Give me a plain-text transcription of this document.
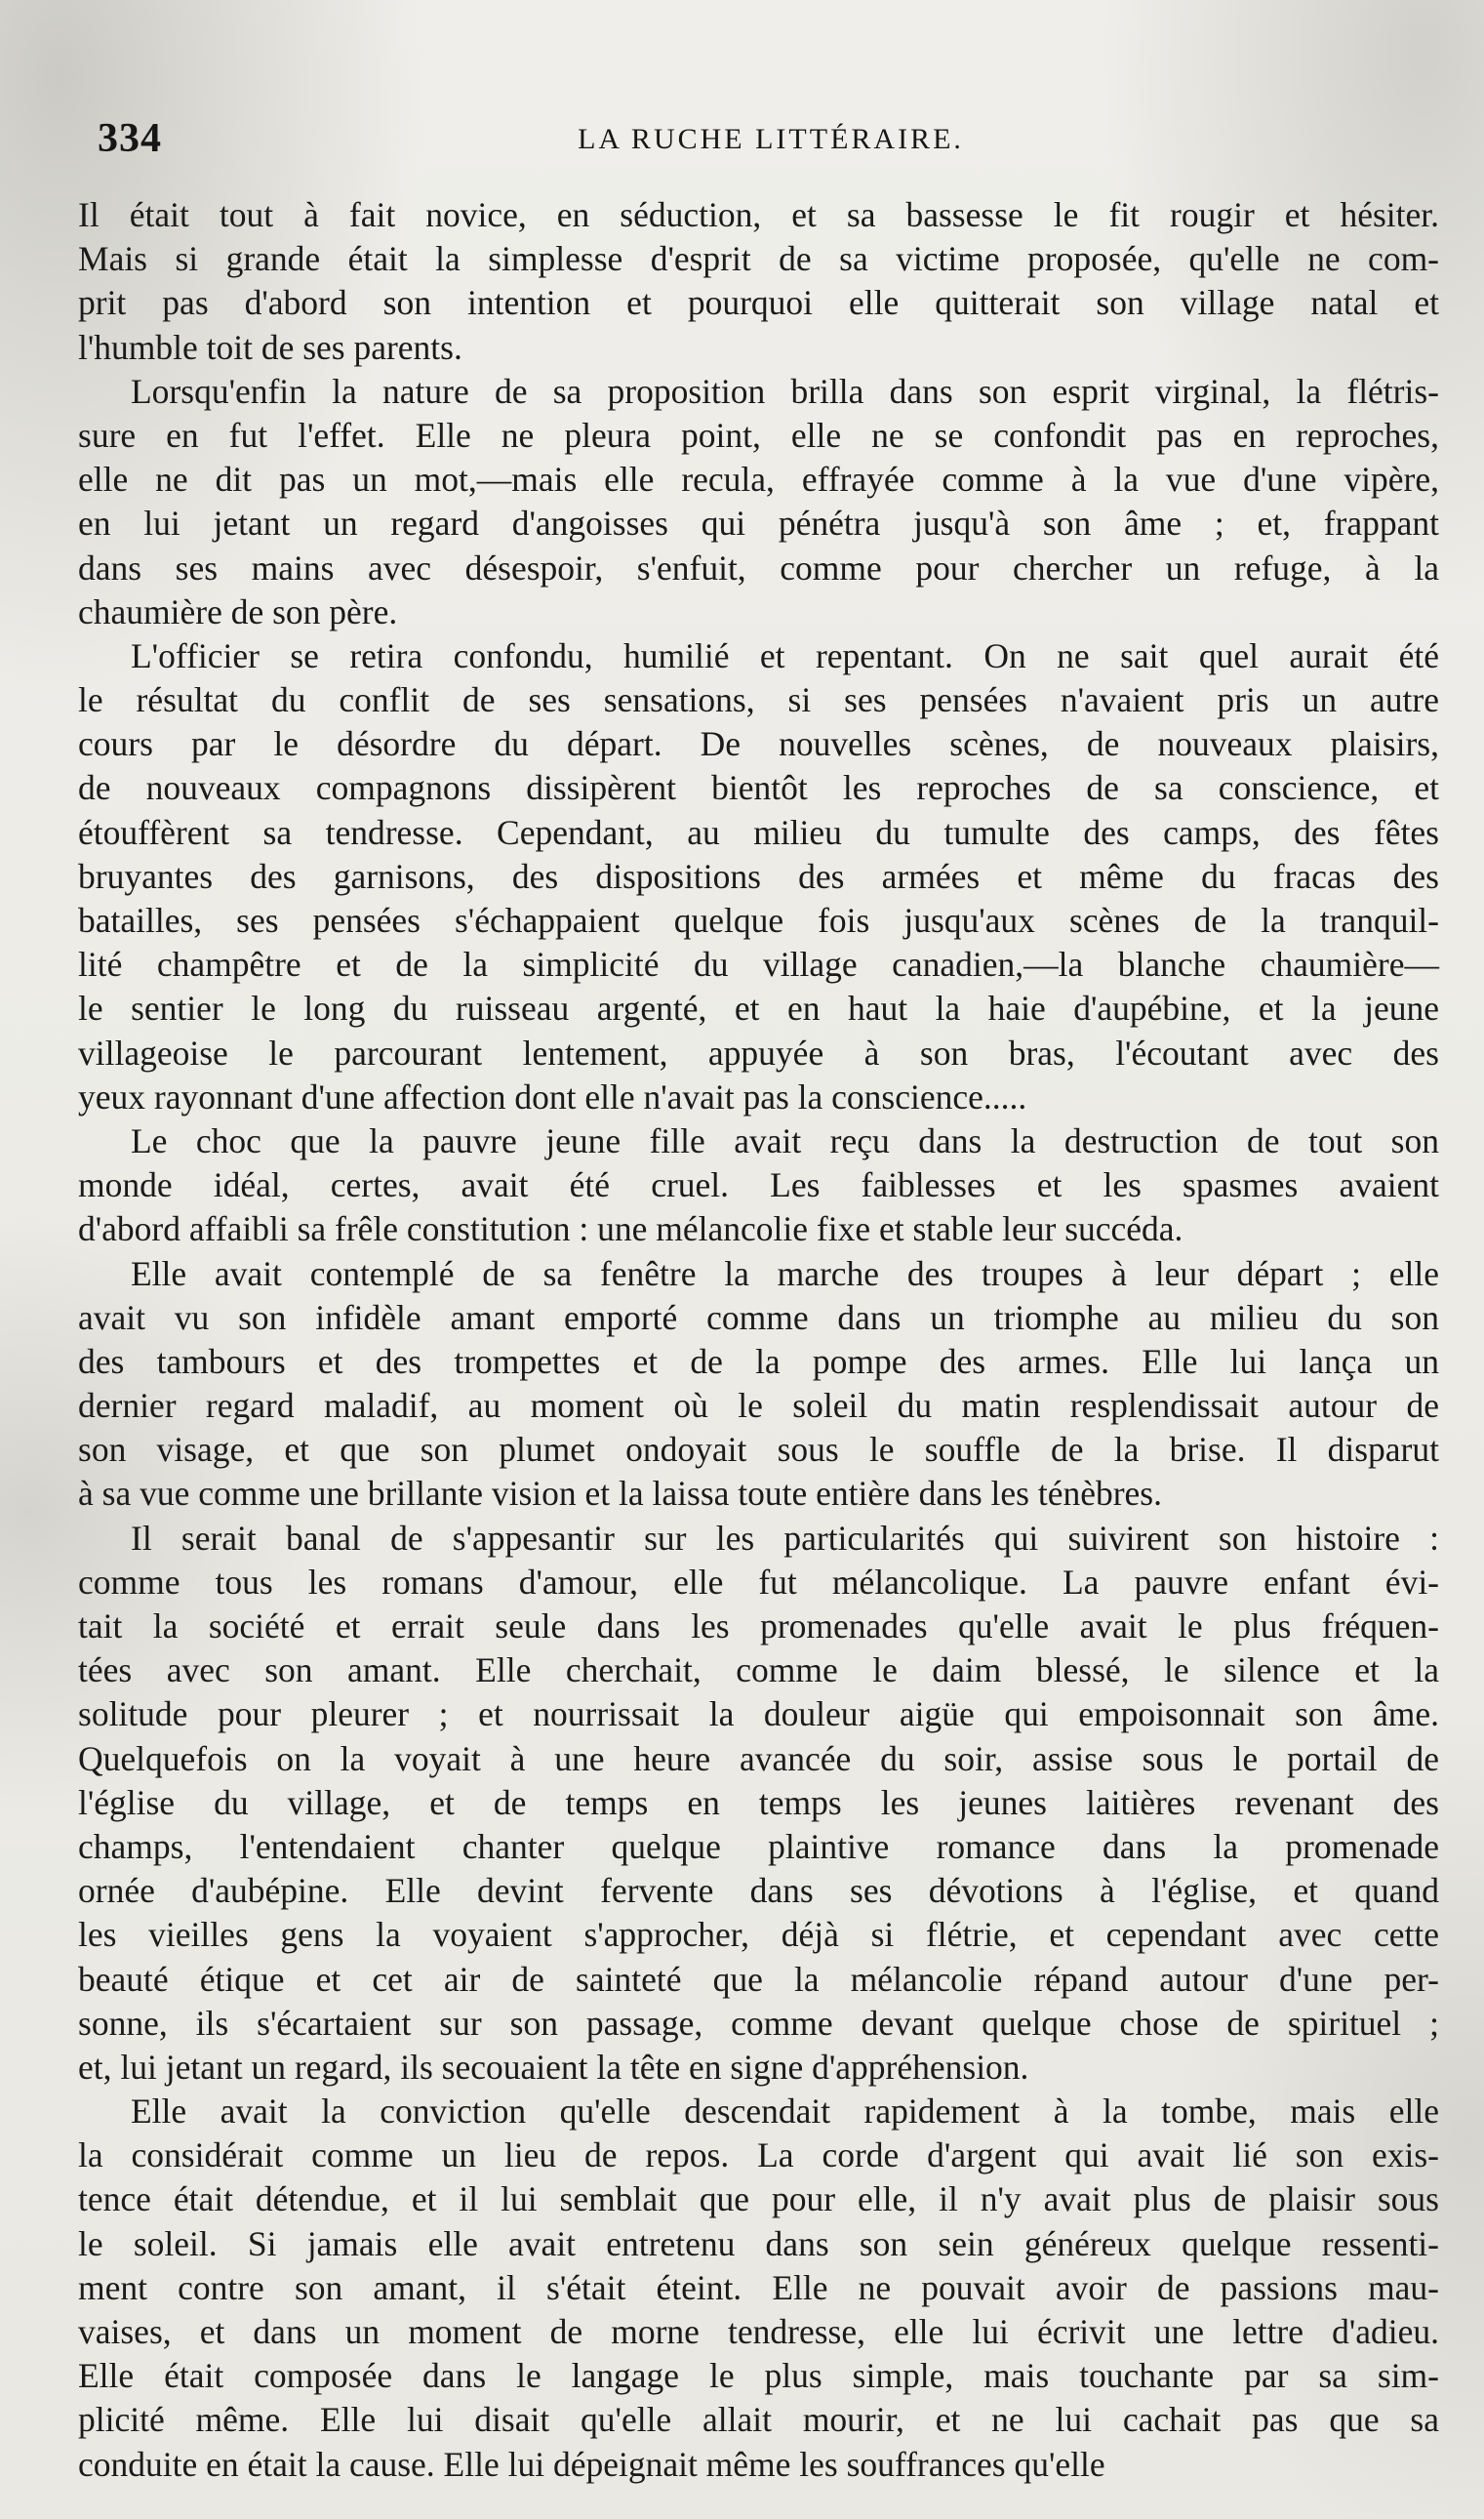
334	LA RUCHE LITTÉRAIRE.
Il était tout à fait novice, en séduction, et sa bassesse le fit rougir et hésiter.
Mais si grande était la simplesse d'esprit de sa victime proposée, qu'elle ne com-
prit pas d'abord son intention et pourquoi elle quitterait son village natal et
l'humble toit de ses parents.
Lorsqu'enfin la nature de sa proposition brilla dans son esprit virginal, la flétris-
sure en fut l'effet. Elle ne pleura point, elle ne se confondit pas en reproches,
elle ne dit pas un mot,—mais elle recula, effrayée comme à la vue d'une vipère,
en lui jetant un regard d'angoisses qui pénétra jusqu'à son âme ; et, frappant
dans ses mains avec désespoir, s'enfuit, comme pour chercher un refuge, à la
chaumière de son père.
L'officier se retira confondu, humilié et repentant. On ne sait quel aurait été
le résultat du conflit de ses sensations, si ses pensées n'avaient pris un autre
cours par le désordre du départ. De nouvelles scènes, de nouveaux plaisirs,
de nouveaux compagnons dissipèrent bientôt les reproches de sa conscience, et
étouffèrent sa tendresse. Cependant, au milieu du tumulte des camps, des fêtes
bruyantes des garnisons, des dispositions des armées et même du fracas des
batailles, ses pensées s'échappaient quelque fois jusqu'aux scènes de la tranquil-
lité champêtre et de la simplicité du village canadien,—la blanche chaumière—
le sentier le long du ruisseau argenté, et en haut la haie d'aupébine, et la jeune
villageoise le parcourant lentement, appuyée à son bras, l'écoutant avec des
yeux rayonnant d'une affection dont elle n'avait pas la conscience.....
Le choc que la pauvre jeune fille avait reçu dans la destruction de tout son
monde idéal, certes, avait été cruel. Les faiblesses et les spasmes avaient
d'abord affaibli sa frêle constitution : une mélancolie fixe et stable leur succéda.
Elle avait contemplé de sa fenêtre la marche des troupes à leur départ ; elle
avait vu son infidèle amant emporté comme dans un triomphe au milieu du son
des tambours et des trompettes et de la pompe des armes. Elle lui lança un
dernier regard maladif, au moment où le soleil du matin resplendissait autour de
son visage, et que son plumet ondoyait sous le souffle de la brise. Il disparut
à sa vue comme une brillante vision et la laissa toute entière dans les ténèbres.
Il serait banal de s'appesantir sur les particularités qui suivirent son histoire :
comme tous les romans d'amour, elle fut mélancolique. La pauvre enfant évi-
tait la société et errait seule dans les promenades qu'elle avait le plus fréquen-
tées avec son amant. Elle cherchait, comme le daim blessé, le silence et la
solitude pour pleurer ; et nourrissait la douleur aigüe qui empoisonnait son âme.
Quelquefois on la voyait à une heure avancée du soir, assise sous le portail de
l'église du village, et de temps en temps les jeunes laitières revenant des
champs, l'entendaient chanter quelque plaintive romance dans la promenade
ornée d'aubépine. Elle devint fervente dans ses dévotions à l'église, et quand
les vieilles gens la voyaient s'approcher, déjà si flétrie, et cependant avec cette
beauté étique et cet air de sainteté que la mélancolie répand autour d'une per-
sonne, ils s'écartaient sur son passage, comme devant quelque chose de spirituel ;
et, lui jetant un regard, ils secouaient la tête en signe d'appréhension.
Elle avait la conviction qu'elle descendait rapidement à la tombe, mais elle
la considérait comme un lieu de repos. La corde d'argent qui avait lié son exis-
tence était détendue, et il lui semblait que pour elle, il n'y avait plus de plaisir sous
le soleil. Si jamais elle avait entretenu dans son sein généreux quelque ressenti-
ment contre son amant, il s'était éteint. Elle ne pouvait avoir de passions mau-
vaises, et dans un moment de morne tendresse, elle lui écrivit une lettre d'adieu.
Elle était composée dans le langage le plus simple, mais touchante par sa sim-
plicité même. Elle lui disait qu'elle allait mourir, et ne lui cachait pas que sa
conduite en était la cause. Elle lui dépeignait même les souffrances qu'elle
